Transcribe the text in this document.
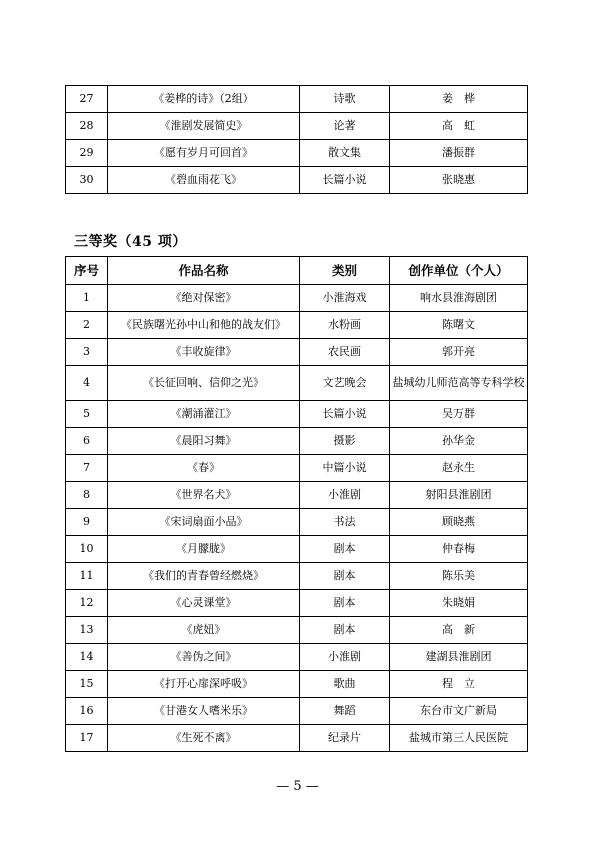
27	《姜桦的诗》（2组）	诗歌	姜　桦
28	《淮剧发展简史》	论著	高　虹
29	《愿有岁月可回首》	散文集	潘振群
30	《碧血雨花飞》	长篇小说	张晓惠
三等奖（45 项）
序号	作品名称	类别	创作单位（个人）
1	《绝对保密》	小淮海戏	响水县淮海剧团
2	《民族曙光孙中山和他的战友们》	水粉画	陈曙文
3	《丰收旋律》	农民画	郭开亮
4	《长征回响、信仰之光》	文艺晚会	盐城幼儿师范高等专科学校
5	《潮涌灌江》	长篇小说	吴万群
6	《晨阳习舞》	摄影	孙华金
7	《春》	中篇小说	赵永生
8	《世界名犬》	小淮剧	射阳县淮剧团
9	《宋词扇面小品》	书法	顾晓燕
10	《月朦胧》	剧本	仲春梅
11	《我们的青春曾经燃烧》	剧本	陈乐美
12	《心灵课堂》	剧本	朱晓娟
13	《虎妞》	剧本	高　新
14	《善伪之间》	小淮剧	建湖县淮剧团
15	《打开心扉深呼吸》	歌曲	程　立
16	《甘港女人嗜米乐》	舞蹈	东台市文广新局
17	《生死不离》	纪录片	盐城市第三人民医院
— 5 —
